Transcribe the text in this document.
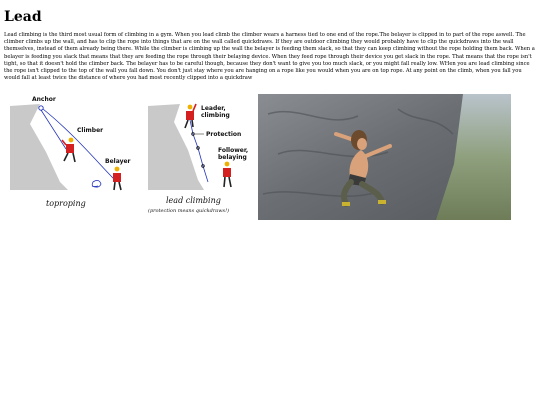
Lead

Lead climbing is the third most usual form of climbing in a gym. When you lead climb the climber wears a harness tied to one end of the rope.The belayer is clipped in to part of the rope aswell. The climber climbs up the wall, and has to clip the rope into things that are on the wall called quickdraws. If they are outdoor climbing they would probably have to clip the quickdraws into the wall themselves, instead of them already being there. While the climber is climbing up the wall the belayer is feeding them slack, so that they can keep climbing without the rope holding them back. When a belayer is feeding you slack that means that they are feeding the rope through their belaying device. When they feed rope through their device you get slack in the rope. That means that the rope isn't tight, so that it doesn't hold the climber back. The belayer has to be careful though, because they don't want to give you too much slack, or you might fall really low. WHen you are lead climbing since the rope isn't clipped to the top of the wall you fall down. You don't just stay where you are hanging on a rope like you would when you are on top rope. At any point on the climb, when you fall you would fall at least twice the distance of where you had most recently clipped into a quickdraw

Anchor
Climber
Belayer
toproping
Leader,
climbing
Protection
Follower,
belaying
lead climbing
(protection means quickdraws!)
